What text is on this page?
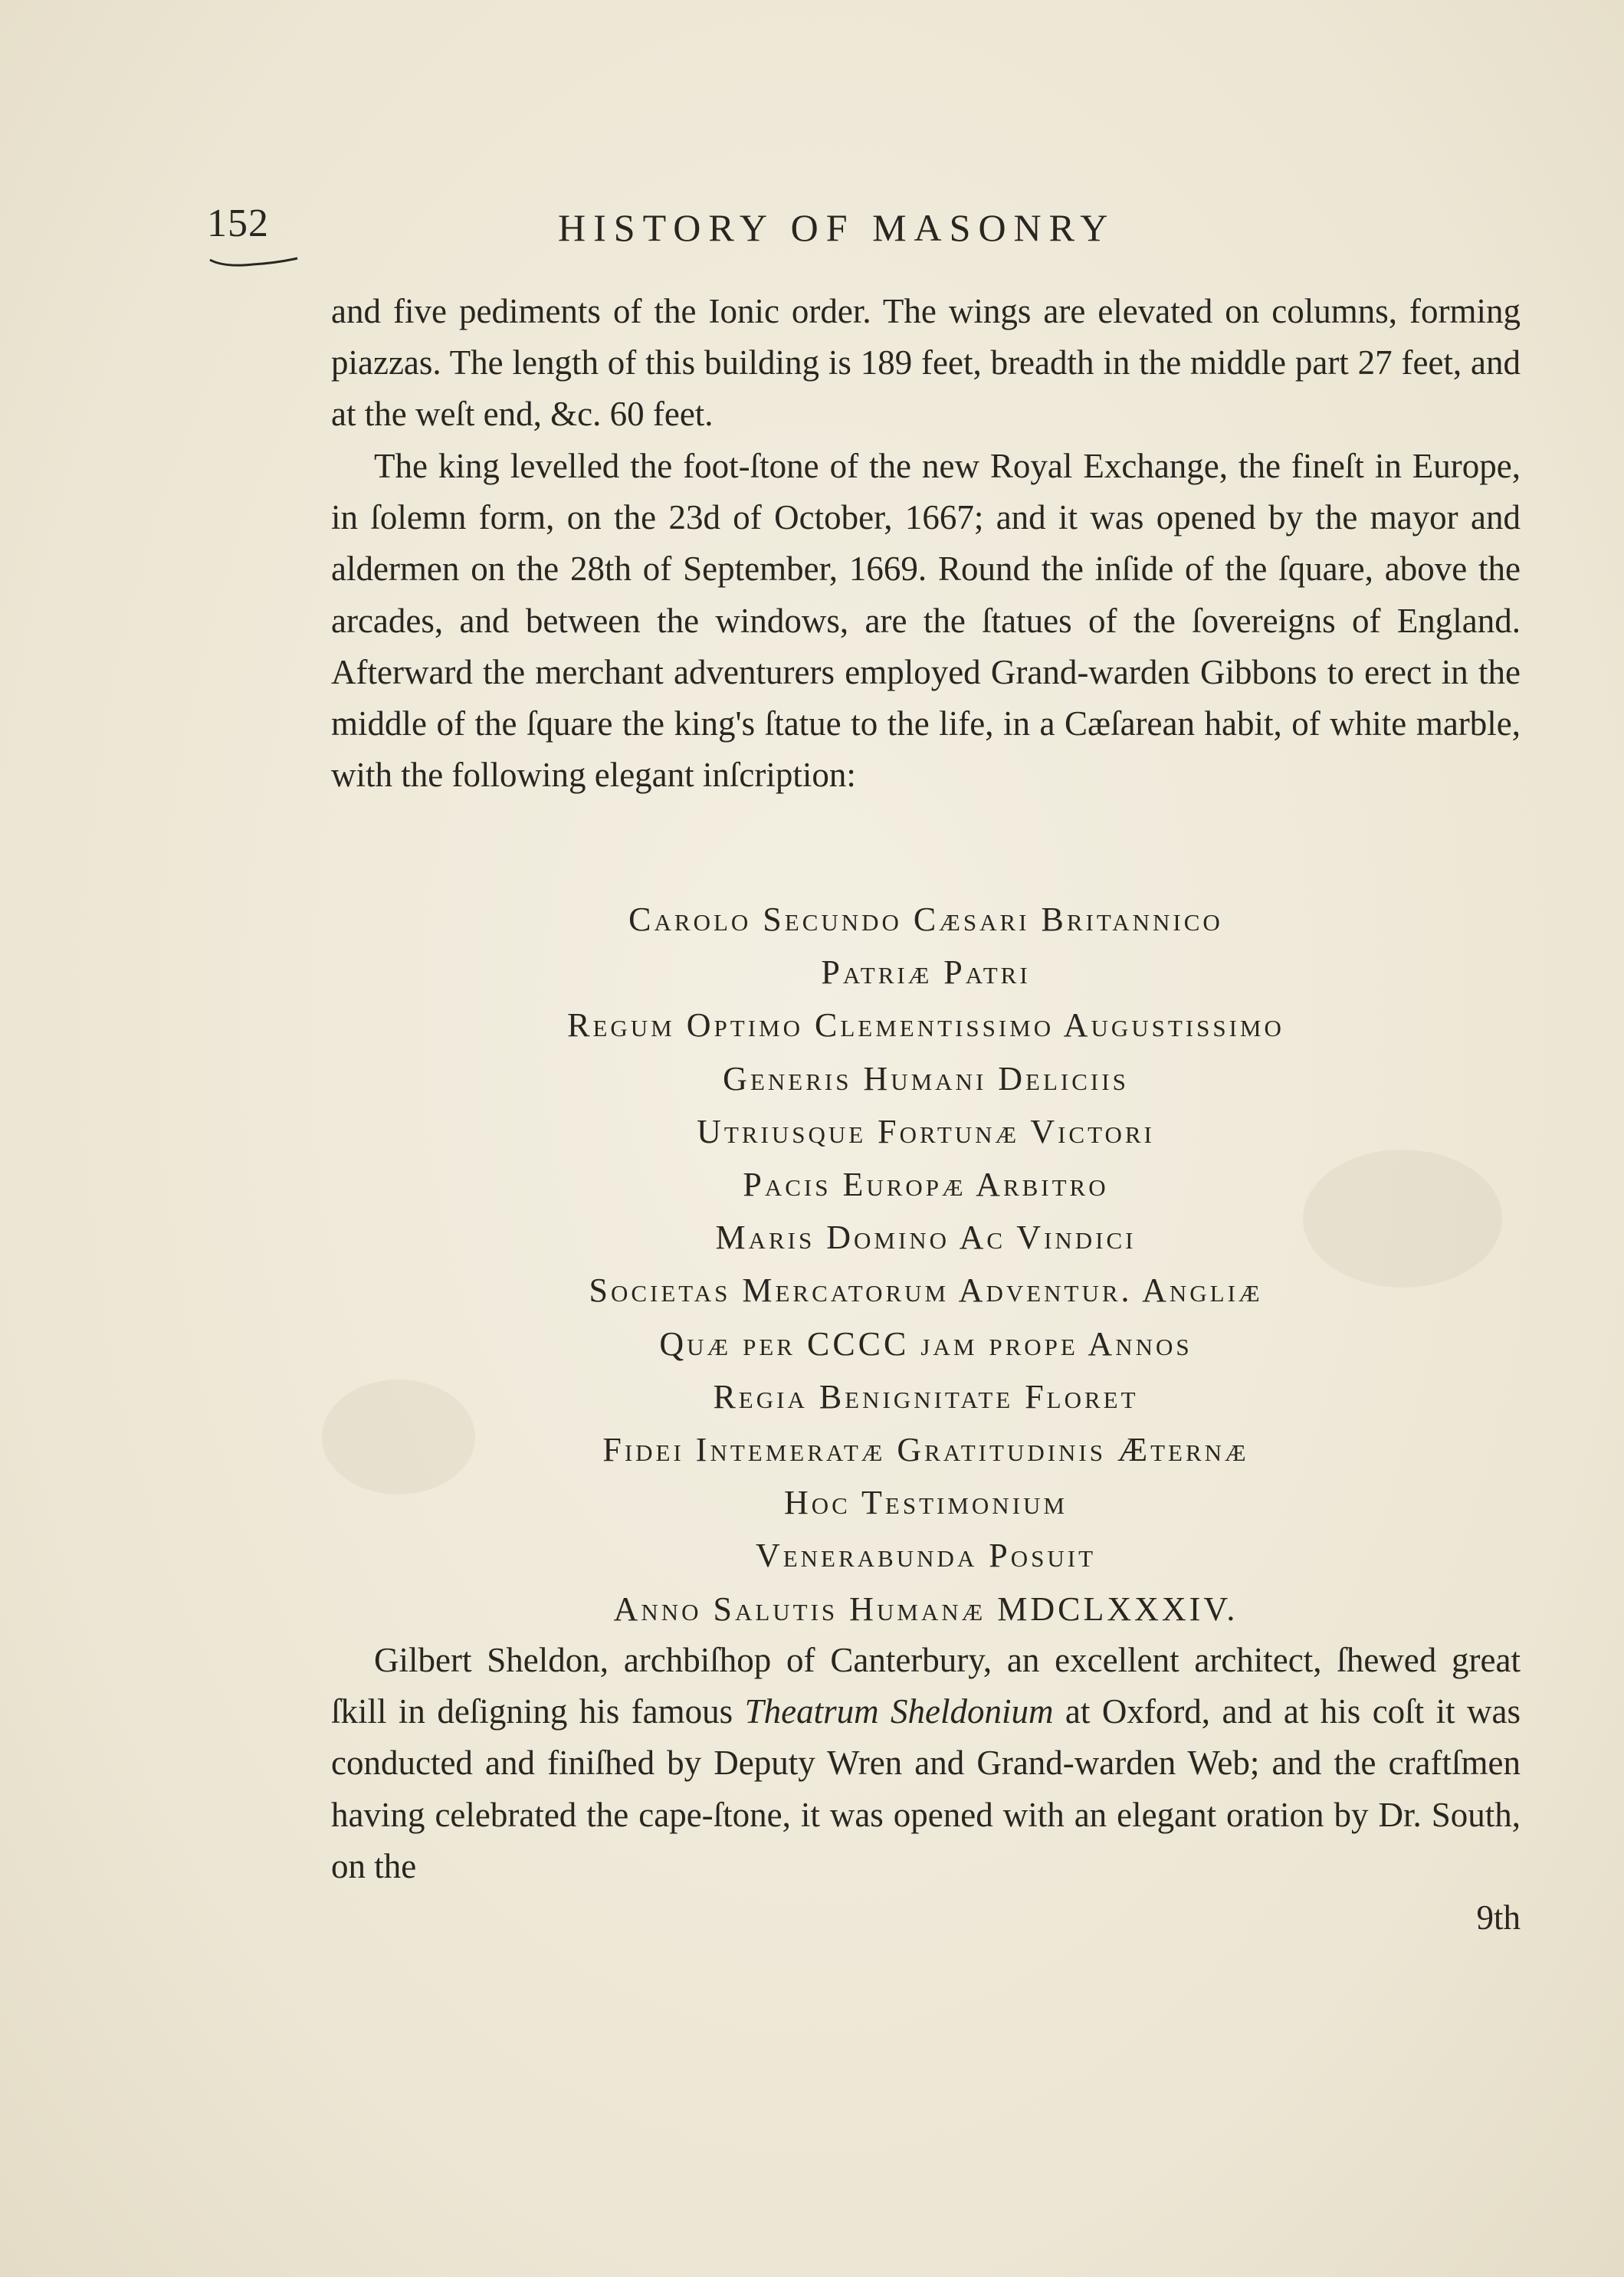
152	HISTORY OF MASONRY

and five pediments of the Ionic order. The wings are elevated on columns, forming piazzas. The length of this building is 189 feet, breadth in the middle part 27 feet, and at the weſt end, &c. 60 feet.

The king levelled the foot-ſtone of the new Royal Exchange, the fineſt in Europe, in ſolemn form, on the 23d of October, 1667; and it was opened by the mayor and aldermen on the 28th of September, 1669. Round the inſide of the ſquare, above the arcades, and between the windows, are the ſtatues of the ſovereigns of England. Afterward the merchant adventurers employed Grand-warden Gibbons to erect in the middle of the ſquare the king's ſtatue to the life, in a Cæſarean habit, of white marble, with the following elegant inſcription:

Carolo Secundo Cæsari Britannico
Patriæ Patri
Regum Optimo Clementissimo Augustissimo
Generis Humani Deliciis
Utriusque Fortunæ Victori
Pacis Europæ Arbitro
Maris Domino Ac Vindici
Societas Mercatorum Adventur. Angliæ
Quæ per CCCC jam prope Annos
Regia Benignitate Floret
Fidei Intemeratæ Gratitudinis Æternæ
Hoc Testimonium
Venerabunda Posuit
Anno Salutis Humanæ MDCLXXXIV.

Gilbert Sheldon, archbiſhop of Canterbury, an excellent architect, ſhewed great ſkill in deſigning his famous Theatrum Sheldonium at Oxford, and at his coſt it was conducted and finiſhed by Deputy Wren and Grand-warden Web; and the craftſmen having celebrated the cape-ſtone, it was opened with an elegant oration by Dr. South, on the

9th
